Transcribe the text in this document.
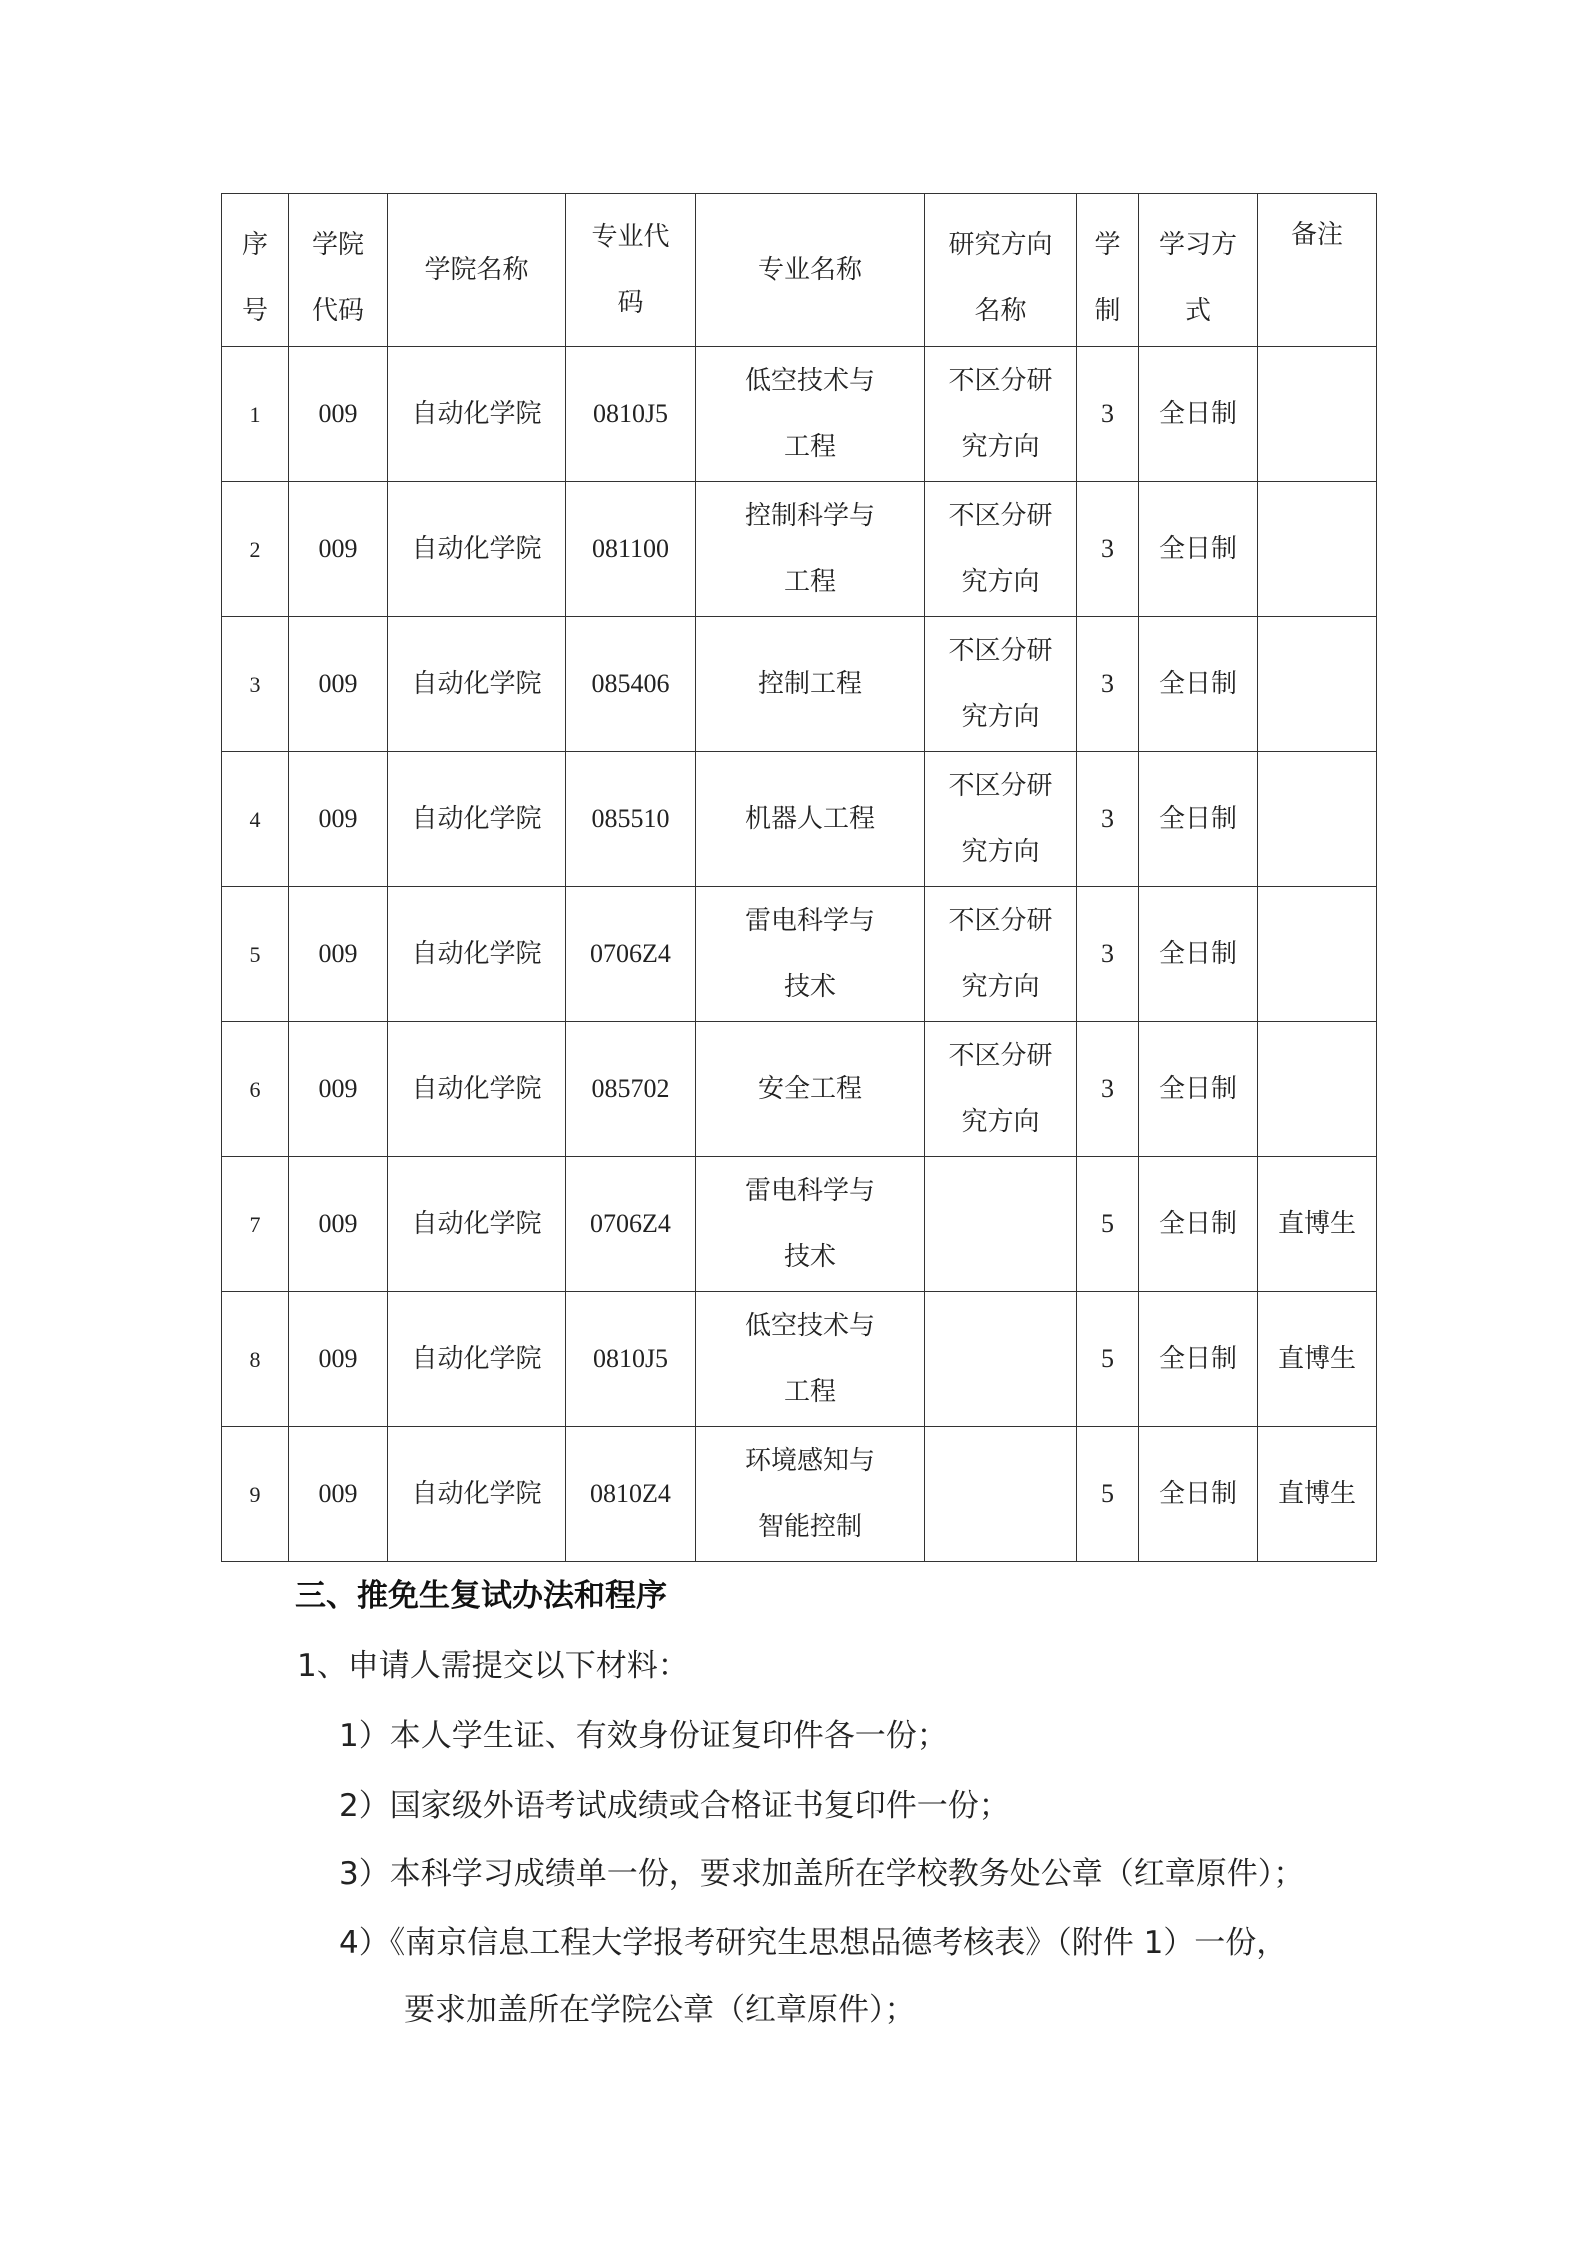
序号	学院代码	学院名称	专业代码	专业名称	研究方向名称	学制	学习方式	备注
1	009	自动化学院	0810J5	低空技术与工程	不区分研究方向	3	全日制	
2	009	自动化学院	081100	控制科学与工程	不区分研究方向	3	全日制	
3	009	自动化学院	085406	控制工程	不区分研究方向	3	全日制	
4	009	自动化学院	085510	机器人工程	不区分研究方向	3	全日制	
5	009	自动化学院	0706Z4	雷电科学与技术	不区分研究方向	3	全日制	
6	009	自动化学院	085702	安全工程	不区分研究方向	3	全日制	
7	009	自动化学院	0706Z4	雷电科学与技术		5	全日制	直博生
8	009	自动化学院	0810J5	低空技术与工程		5	全日制	直博生
9	009	自动化学院	0810Z4	环境感知与智能控制		5	全日制	直博生
三、推免生复试办法和程序
1、申请人需提交以下材料：
1）本人学生证、有效身份证复印件各一份；
2）国家级外语考试成绩或合格证书复印件一份；
3）本科学习成绩单一份，要求加盖所在学校教务处公章（红章原件）；
4）《南京信息工程大学报考研究生思想品德考核表》（附件 1）一份，
要求加盖所在学院公章（红章原件）；
